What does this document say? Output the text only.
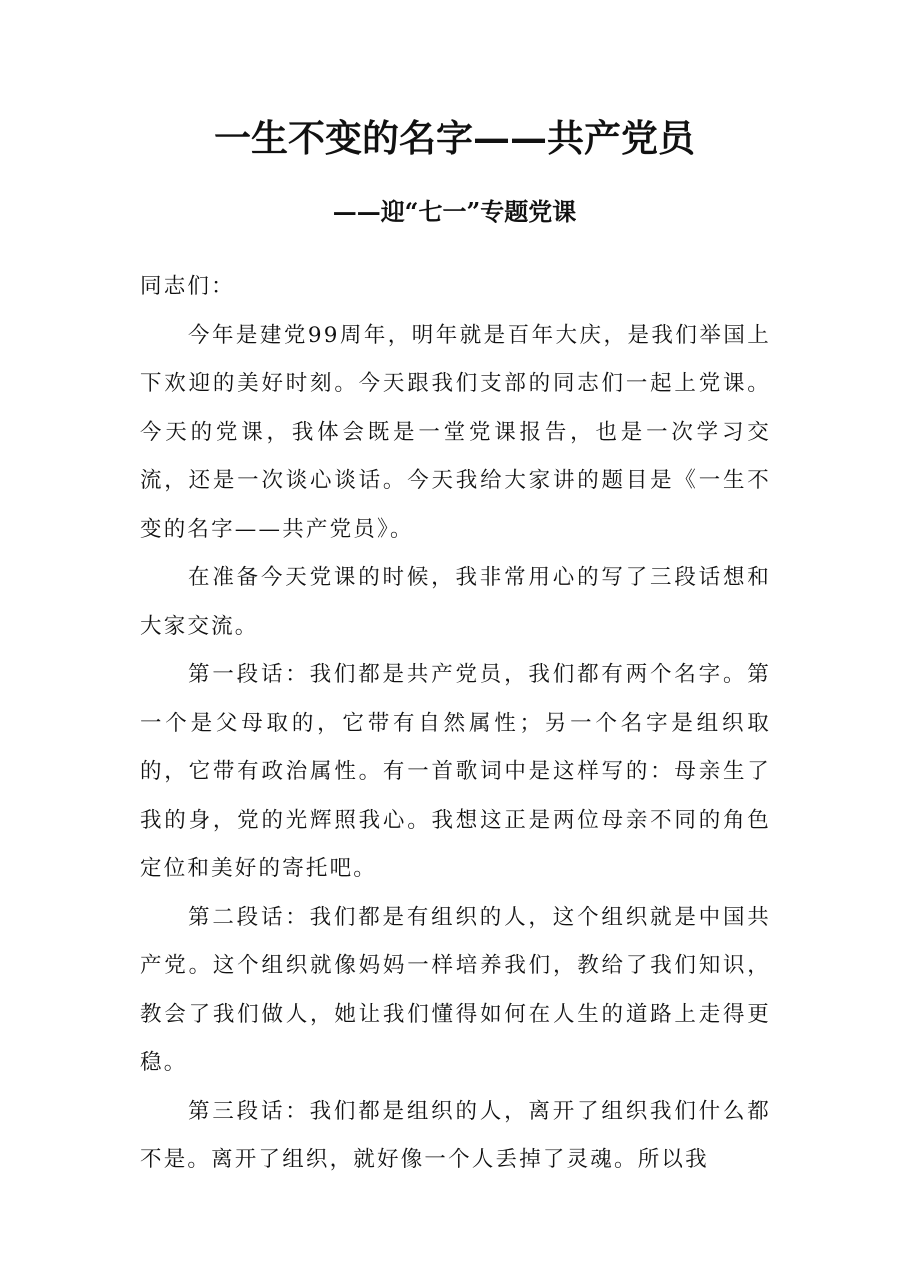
一生不变的名字——共产党员
——迎“七一”专题党课

同志们：

今年是建党99周年，明年就是百年大庆，是我们举国上下欢迎的美好时刻。今天跟我们支部的同志们一起上党课。今天的党课，我体会既是一堂党课报告，也是一次学习交流，还是一次谈心谈话。今天我给大家讲的题目是《一生不变的名字——共产党员》。

在准备今天党课的时候，我非常用心的写了三段话想和大家交流。

第一段话：我们都是共产党员，我们都有两个名字。第一个是父母取的，它带有自然属性；另一个名字是组织取的，它带有政治属性。有一首歌词中是这样写的：母亲生了我的身，党的光辉照我心。我想这正是两位母亲不同的角色定位和美好的寄托吧。

第二段话：我们都是有组织的人，这个组织就是中国共产党。这个组织就像妈妈一样培养我们，教给了我们知识，教会了我们做人，她让我们懂得如何在人生的道路上走得更稳。

第三段话：我们都是组织的人，离开了组织我们什么都不是。离开了组织，就好像一个人丢掉了灵魂。所以我
